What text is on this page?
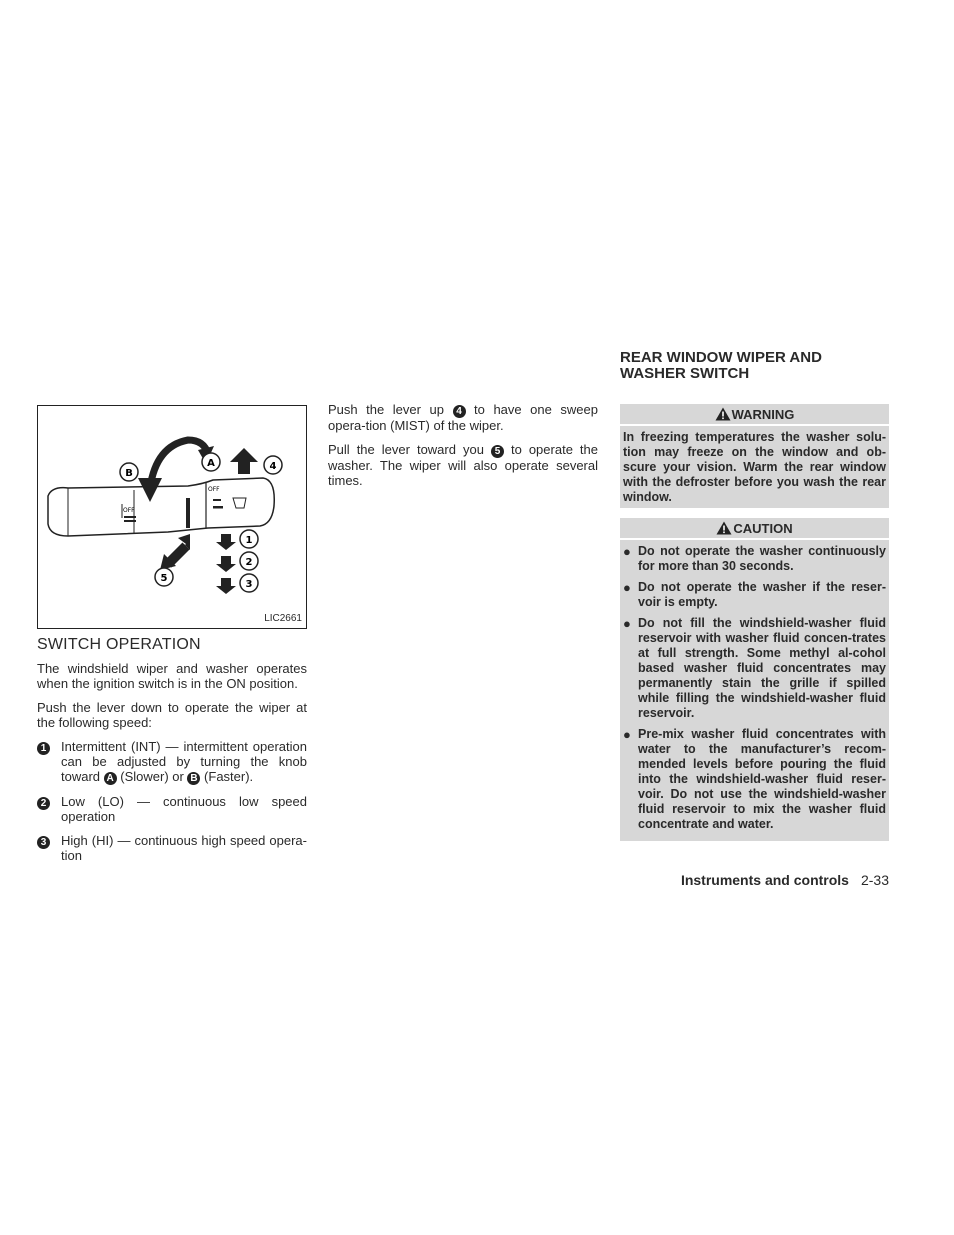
OFF
OFF
A
B
4
5
1
2
3
LIC2661
SWITCH OPERATION

The windshield wiper and washer operates when the ignition switch is in the ON position.

Push the lever down to operate the wiper at the following speed:

1	Intermittent (INT) — intermittent operation can be adjusted by turning the knob toward A (Slower) or B (Faster).
2	Low (LO) — continuous low speed operation
3	High (HI) — continuous high speed opera-tion

Push the lever up 4 to have one sweep opera-tion (MIST) of the wiper.

Pull the lever toward you 5 to operate the washer. The wiper will also operate several times.

REAR WINDOW WIPER AND
WASHER SWITCH
WARNING
In freezing temperatures the washer solu-tion may freeze on the window and ob-scure your vision. Warm the rear window with the defroster before you wash the rear window.
CAUTION
● Do not operate the washer continuously for more than 30 seconds.
● Do not operate the washer if the reser-voir is empty.
● Do not fill the windshield-washer fluid reservoir with washer fluid concen-trates at full strength. Some methyl al-cohol based washer fluid concentrates may permanently stain the grille if spilled while filling the windshield-washer fluid reservoir.
● Pre-mix washer fluid concentrates with water to the manufacturer’s recom-mended levels before pouring the fluid into the windshield-washer fluid reser-voir. Do not use the windshield-washer fluid reservoir to mix the washer fluid concentrate and water.
Instruments and controls 2-33
